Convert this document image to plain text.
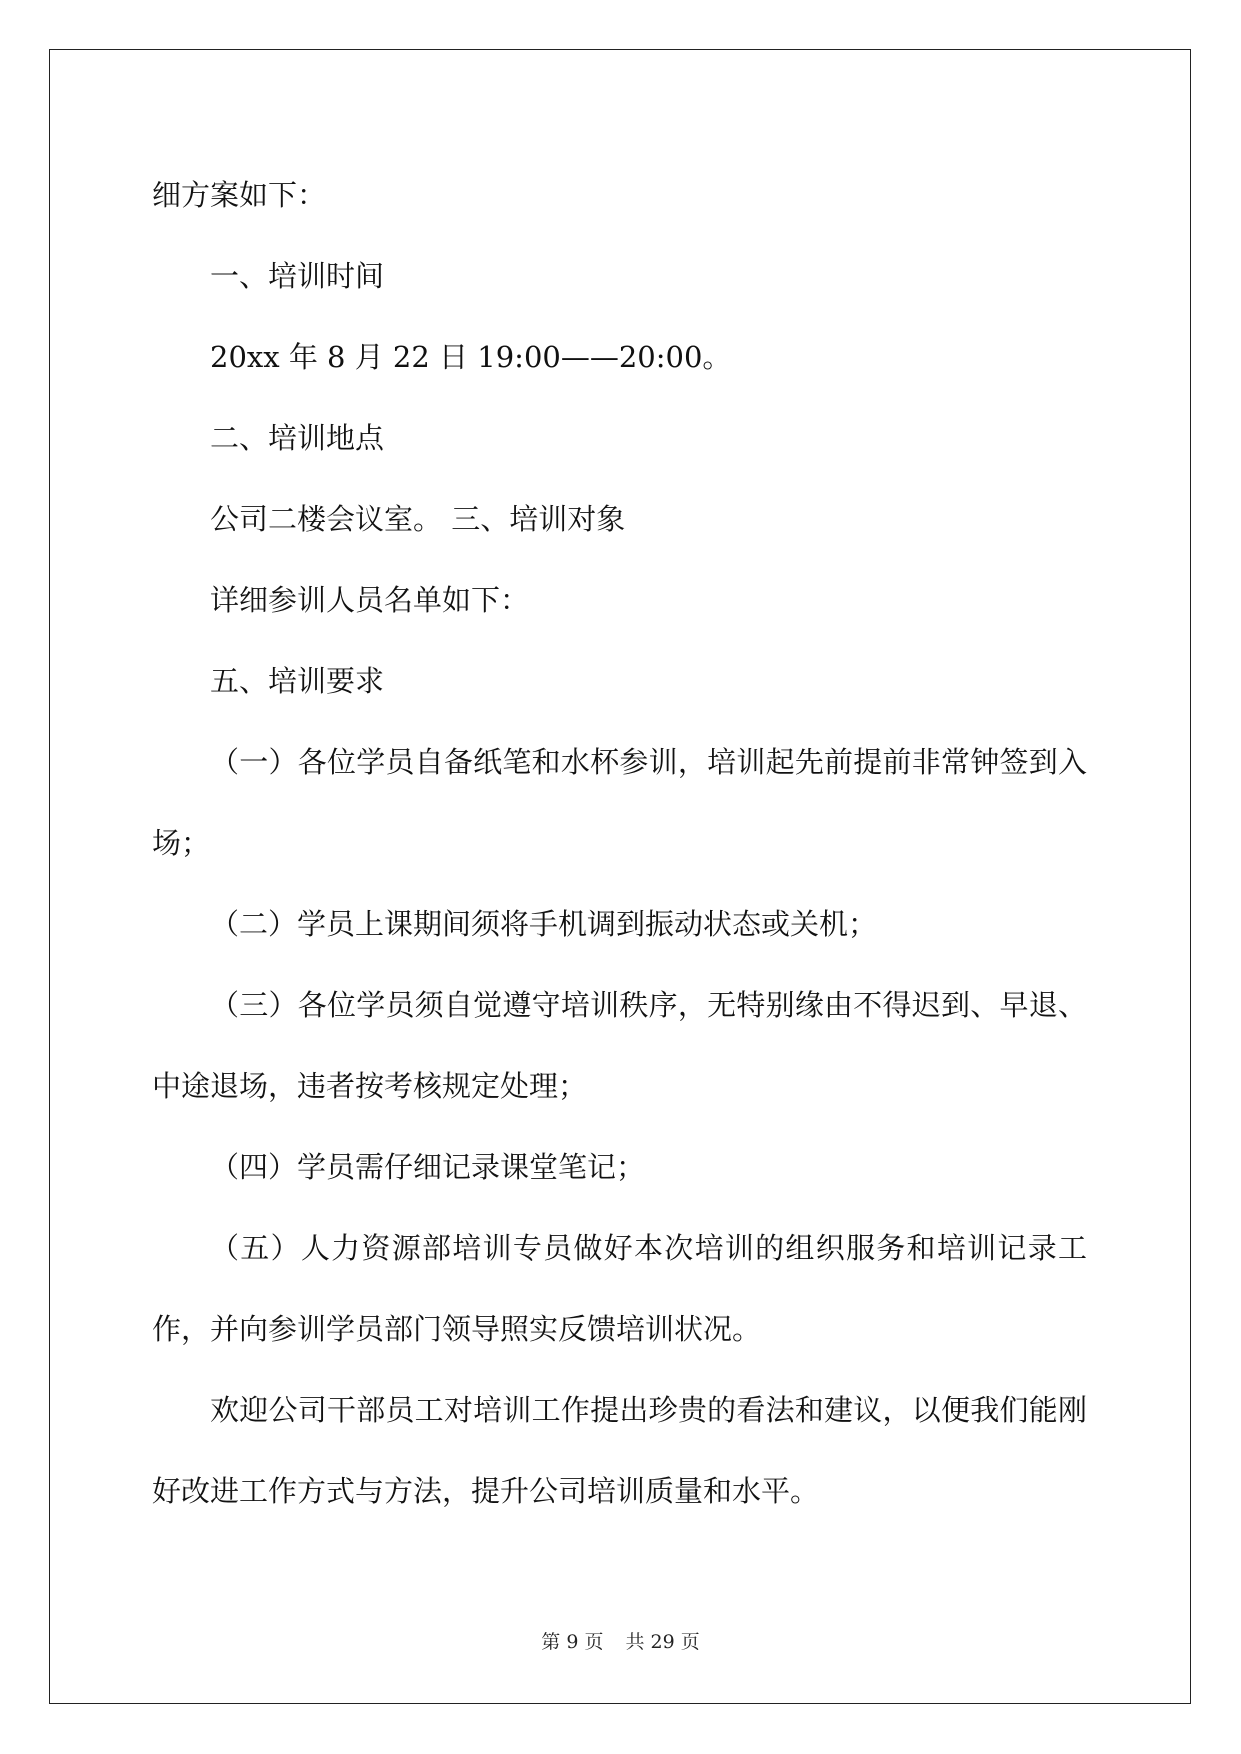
细方案如下：

一、培训时间

20xx 年 8 月 22 日 19:00——20:00。

二、培训地点

公司二楼会议室。 三、培训对象

详细参训人员名单如下：

五、培训要求

（一）各位学员自备纸笔和水杯参训，培训起先前提前非常钟签到入场；

（二）学员上课期间须将手机调到振动状态或关机；

（三）各位学员须自觉遵守培训秩序，无特别缘由不得迟到、早退、中途退场，违者按考核规定处理；

（四）学员需仔细记录课堂笔记；

（五）人力资源部培训专员做好本次培训的组织服务和培训记录工作，并向参训学员部门领导照实反馈培训状况。

欢迎公司干部员工对培训工作提出珍贵的看法和建议，以便我们能刚好改进工作方式与方法，提升公司培训质量和水平。

第 9 页 共 29 页
